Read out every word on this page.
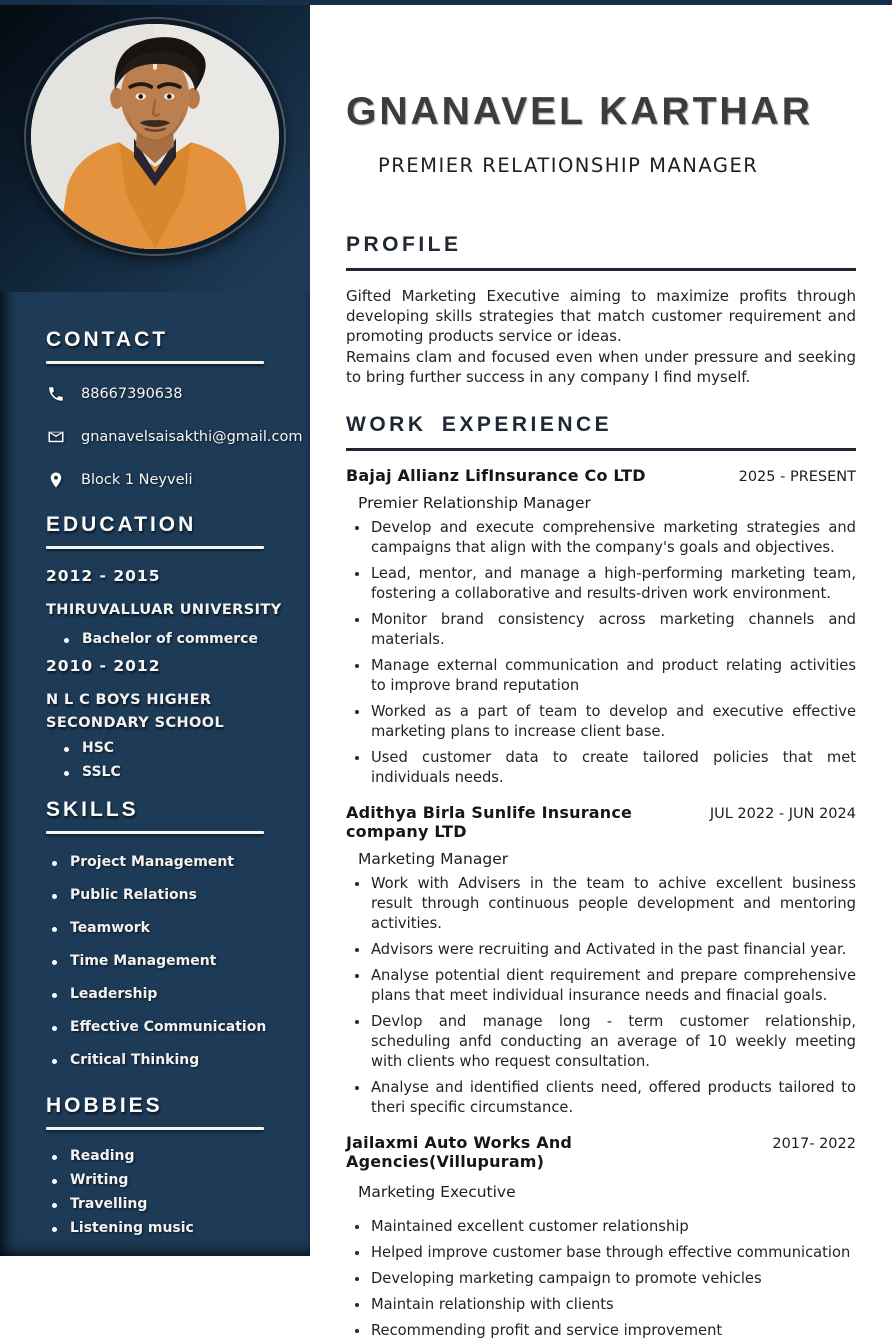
CONTACT
88667390638
gnanavelsaisakthi@gmail.com
Block 1 Neyveli
EDUCATION
2012 - 2015
THIRUVALLUAR UNIVERSITY
Bachelor of commerce
2010 - 2012
N L C BOYS HIGHER SECONDARY SCHOOL
HSC
SSLC
SKILLS
Project Management
Public Relations
Teamwork
Time Management
Leadership
Effective Communication
Critical Thinking
HOBBIES
Reading
Writing
Travelling
Listening music
GNANAVEL KARTHAR
PREMIER RELATIONSHIP MANAGER
PROFILE

Gifted Marketing Executive aiming to maximize profits through developing skills strategies that match customer requirement and promoting products service or ideas.

Remains clam and focused even when under pressure and seeking to bring further success in any company I find myself.

WORK EXPERIENCE
Bajaj Allianz LifInsurance Co LTD	2025 - PRESENT
Premier Relationship Manager
Develop and execute comprehensive marketing strategies and campaigns that align with the company's goals and objectives.
Lead, mentor, and manage a high-performing marketing team, fostering a collaborative and results-driven work environment.
Monitor brand consistency across marketing channels and materials.
Manage external communication and product relating activities to improve brand reputation
Worked as a part of team to develop and executive effective marketing plans to increase client base.
Used customer data to create tailored policies that met individuals needs.
Adithya Birla Sunlife Insurance company LTD
JUL 2022 - JUN 2024
Marketing Manager
Work with Advisers in the team to achive excellent business result through continuous people development and mentoring activities.
Advisors were recruiting and Activated in the past financial year.
Analyse potential dient requirement and prepare comprehensive plans that meet individual insurance needs and finacial goals.
Devlop and manage long - term customer relationship, scheduling anfd conducting an average of 10 weekly meeting with clients who request consultation.
Analyse and identified clients need, offered products tailored to theri specific circumstance.
Jailaxmi Auto Works And Agencies(Villupuram)
2017- 2022
Marketing Executive
Maintained excellent customer relationship
Helped improve customer base through effective communication
Developing marketing campaign to promote vehicles
Maintain relationship with clients
Recommending profit and service improvement
